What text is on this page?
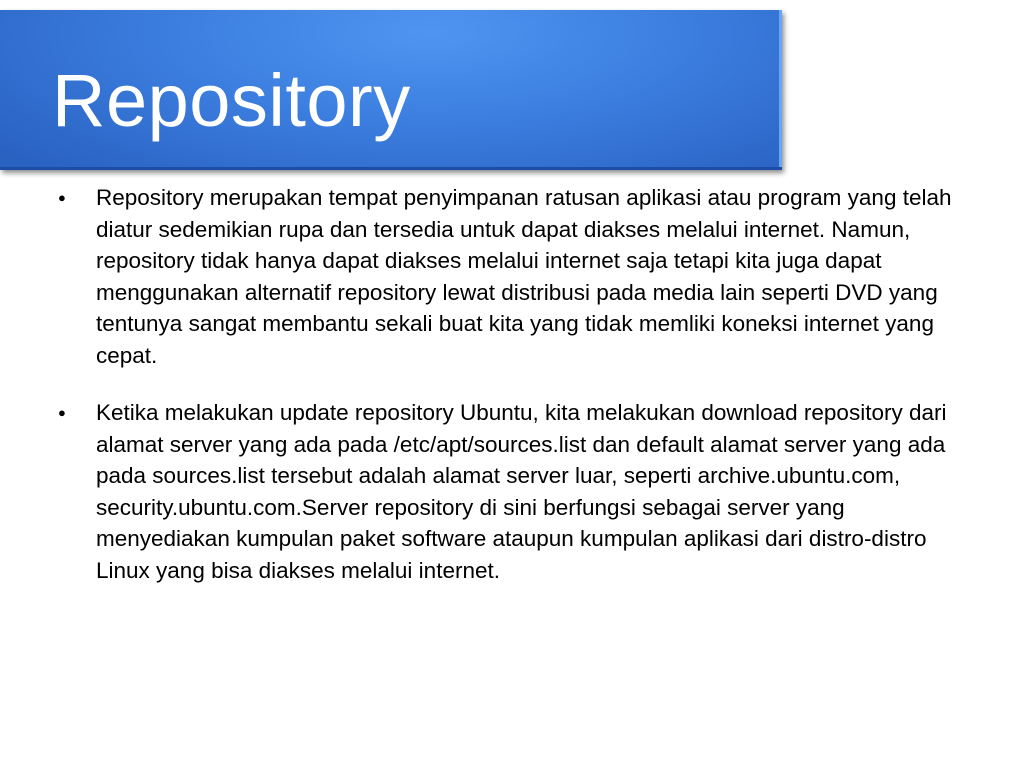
Repository
● Repository merupakan tempat penyimpanan ratusan aplikasi atau program yang telah diatur sedemikian rupa dan tersedia untuk dapat diakses melalui internet. Namun, repository tidak hanya dapat diakses melalui internet saja tetapi kita juga dapat menggunakan alternatif repository lewat distribusi pada media lain seperti DVD yang tentunya sangat membantu sekali buat kita yang tidak memliki koneksi internet yang cepat.
● Ketika melakukan update repository Ubuntu, kita melakukan download repository dari alamat server yang ada pada /etc/apt/sources.list dan default alamat server yang ada pada sources.list tersebut adalah alamat server luar, seperti archive.ubuntu.com, security.ubuntu.com.Server repository di sini berfungsi sebagai server yang menyediakan kumpulan paket software ataupun kumpulan aplikasi dari distro-distro Linux yang bisa diakses melalui internet.
